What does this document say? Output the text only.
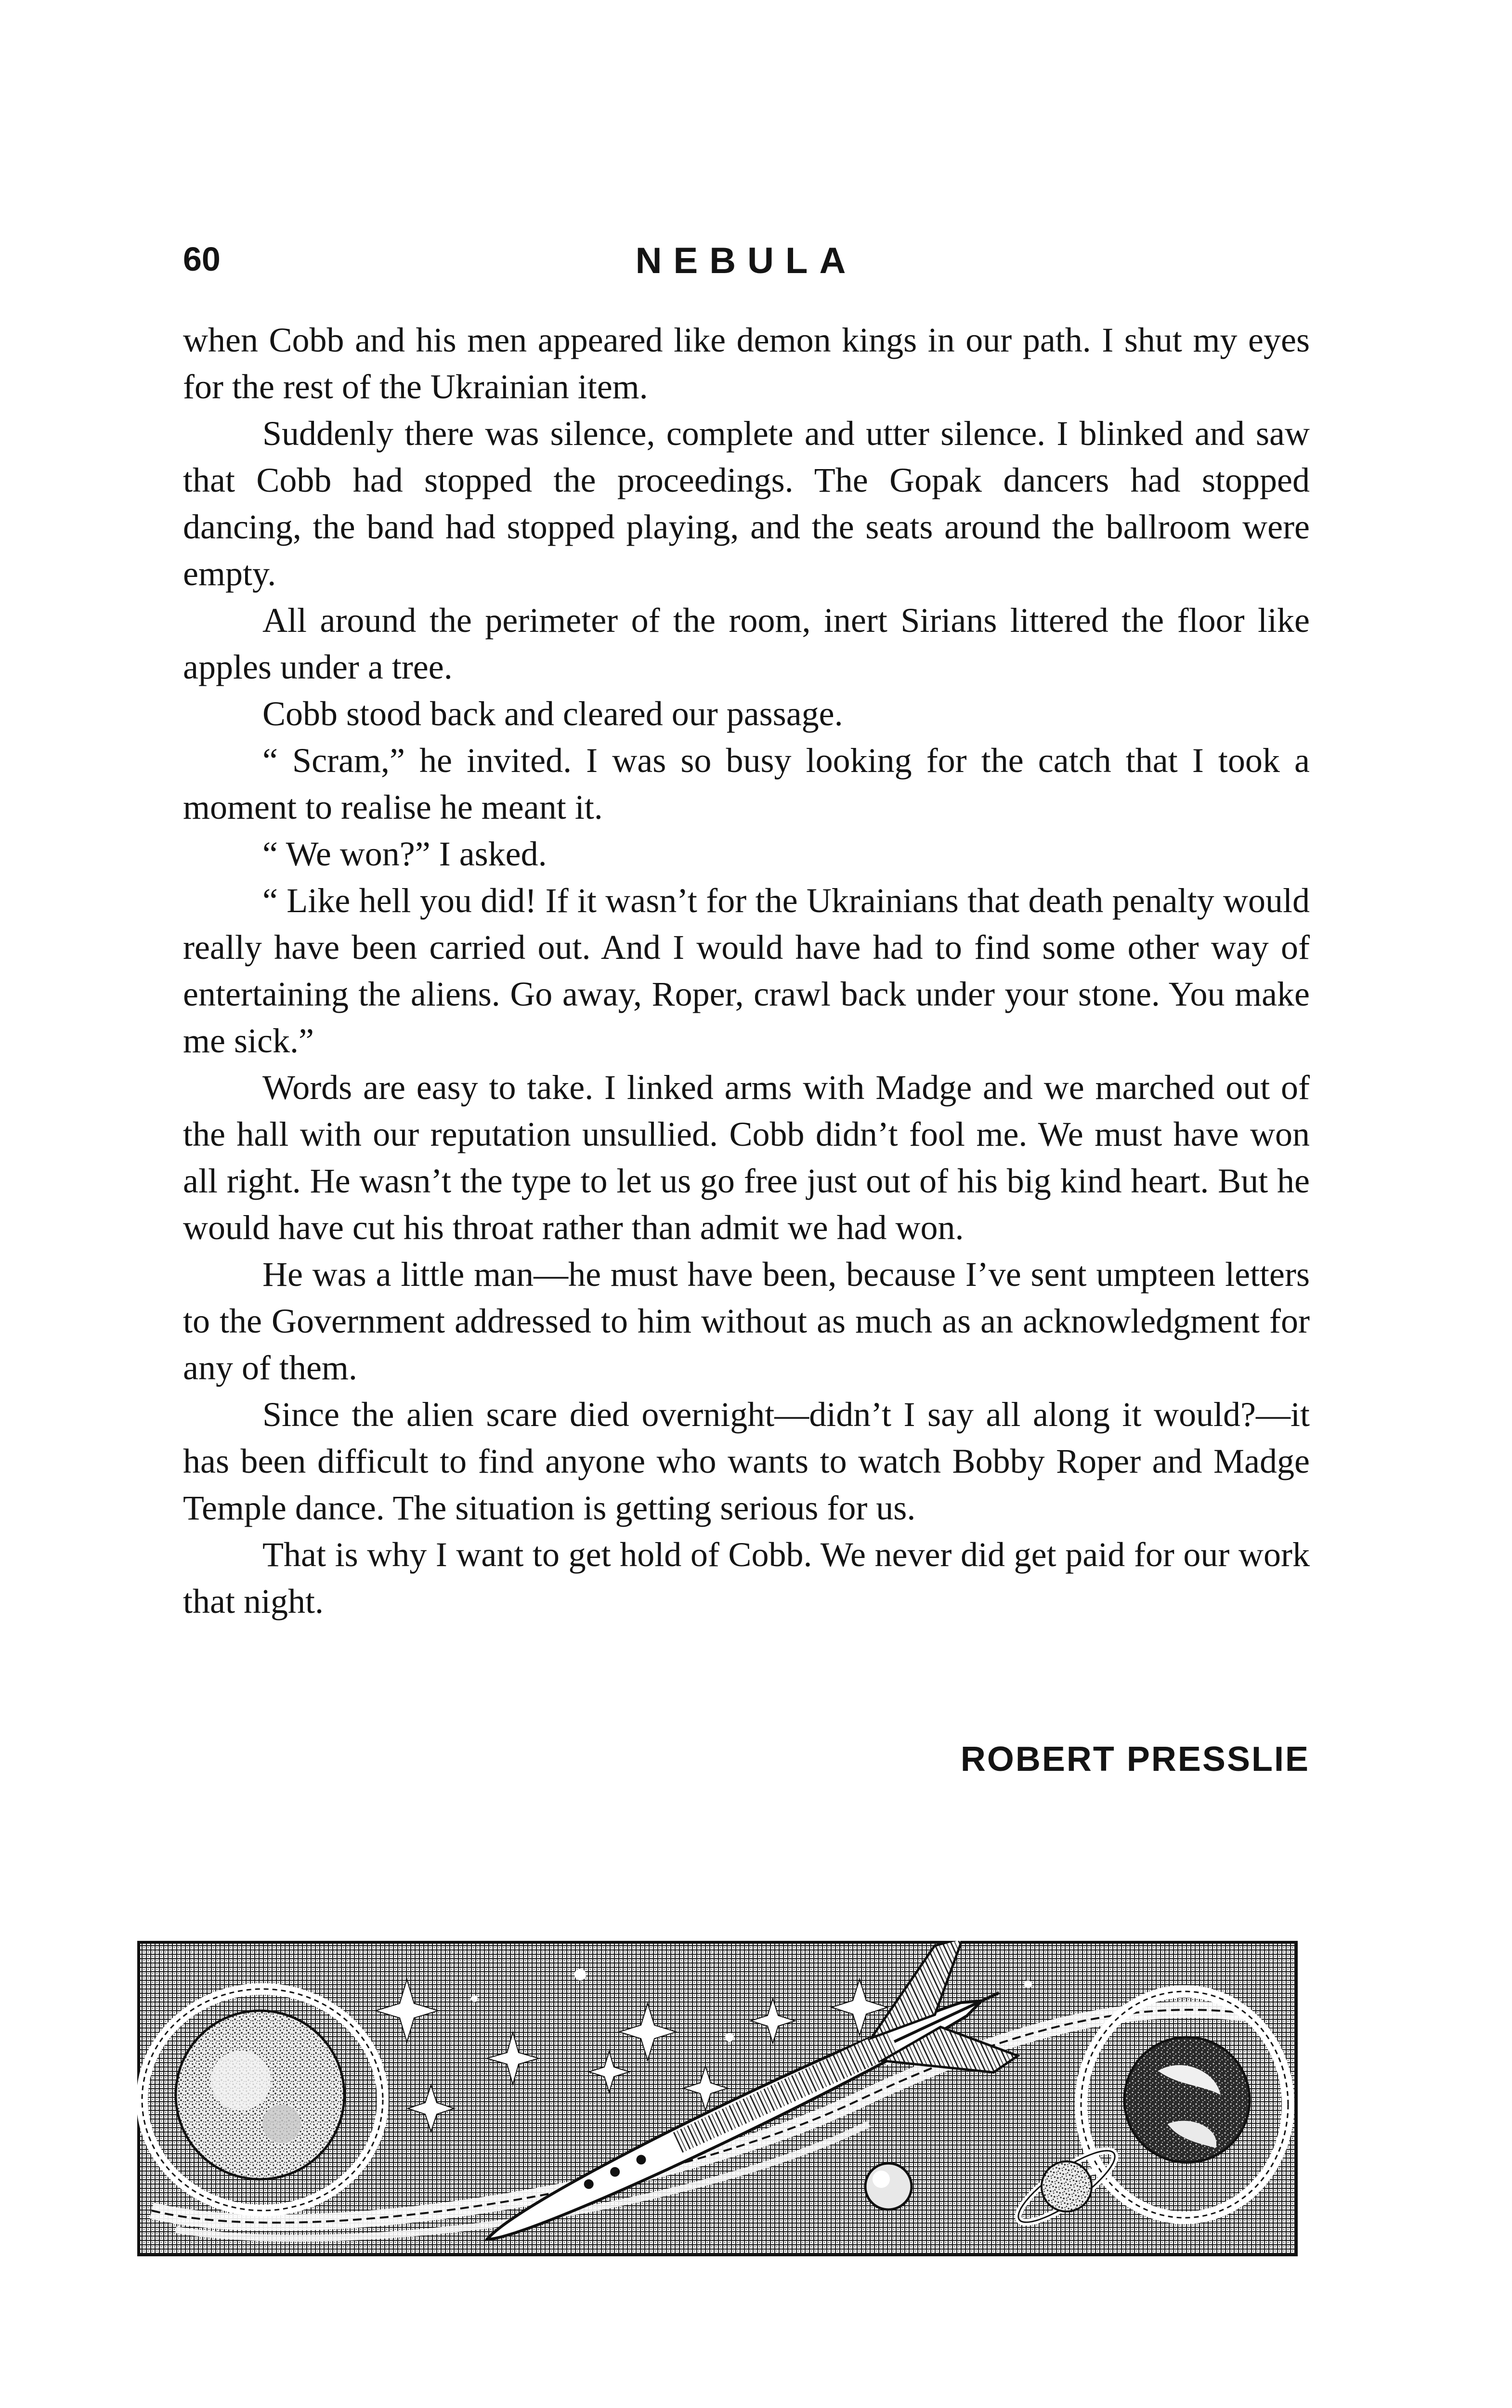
60	NEBULA

when Cobb and his men appeared like demon kings in our path. I shut my eyes for the rest of the Ukrainian item.

Suddenly there was silence, complete and utter silence. I blinked and saw that Cobb had stopped the proceedings. The Gopak dancers had stopped dancing, the band had stopped playing, and the seats around the ballroom were empty.

All around the perimeter of the room, inert Sirians littered the floor like apples under a tree.

Cobb stood back and cleared our passage.

“ Scram,” he invited. I was so busy looking for the catch that I took a moment to realise he meant it.

“ We won?” I asked.

“ Like hell you did! If it wasn’t for the Ukrainians that death penalty would really have been carried out. And I would have had to find some other way of entertaining the aliens. Go away, Roper, crawl back under your stone. You make me sick.”

Words are easy to take. I linked arms with Madge and we marched out of the hall with our reputation unsullied. Cobb didn’t fool me. We must have won all right. He wasn’t the type to let us go free just out of his big kind heart. But he would have cut his throat rather than admit we had won.

He was a little man—he must have been, because I’ve sent umpteen letters to the Government addressed to him without as much as an acknowledgment for any of them.

Since the alien scare died overnight—didn’t I say all along it would?—it has been difficult to find anyone who wants to watch Bobby Roper and Madge Temple dance. The situation is getting serious for us.

That is why I want to get hold of Cobb. We never did get paid for our work that night.

ROBERT PRESSLIE
